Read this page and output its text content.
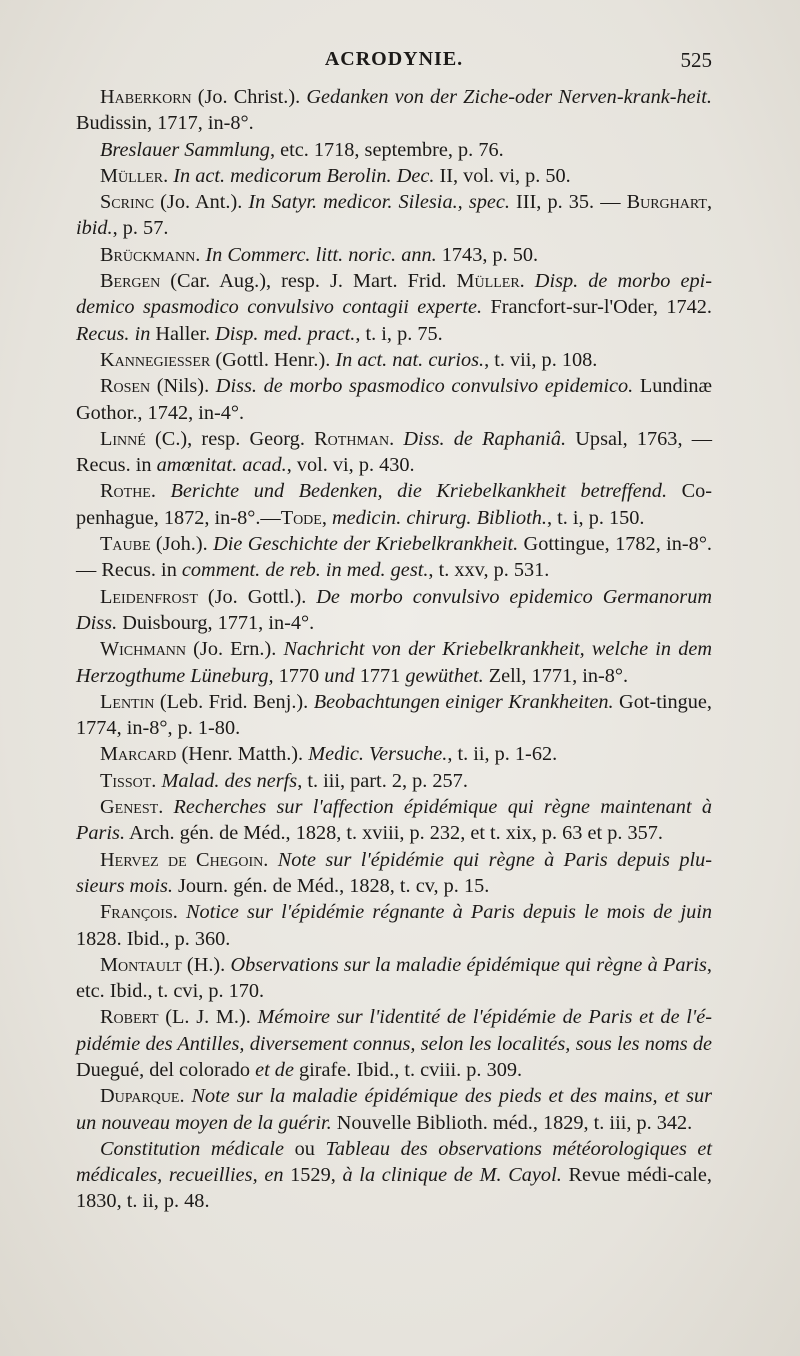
ACRODYNIE.	525

Haberkorn (Jo. Christ.). Gedanken von der Ziche-oder Nerven-krank-heit. Budissin, 1717, in-8°.

Breslauer Sammlung, etc. 1718, septembre, p. 76.

Müller. In act. medicorum Berolin. Dec. II, vol. vi, p. 50.

Scrinc (Jo. Ant.). In Satyr. medicor. Silesia., spec. III, p. 35. — Burghart, ibid., p. 57.

Brückmann. In Commerc. litt. noric. ann. 1743, p. 50.

Bergen (Car. Aug.), resp. J. Mart. Frid. Müller. Disp. de morbo epi-demico spasmodico convulsivo contagii experte. Francfort-sur-l'Oder, 1742. Recus. in Haller. Disp. med. pract., t. i, p. 75.

Kannegiesser (Gottl. Henr.). In act. nat. curios., t. vii, p. 108.

Rosen (Nils). Diss. de morbo spasmodico convulsivo epidemico. Lundinæ Gothor., 1742, in-4°.

Linné (C.), resp. Georg. Rothman. Diss. de Raphaniâ. Upsal, 1763, — Recus. in amœnitat. acad., vol. vi, p. 430.

Rothe. Berichte und Bedenken, die Kriebelkankheit betreffend. Co-penhague, 1872, in-8°.—Tode, medicin. chirurg. Biblioth., t. i, p. 150.

Taube (Joh.). Die Geschichte der Kriebelkrankheit. Gottingue, 1782, in-8°. — Recus. in comment. de reb. in med. gest., t. xxv, p. 531.

Leidenfrost (Jo. Gottl.). De morbo convulsivo epidemico Germanorum Diss. Duisbourg, 1771, in-4°.

Wichmann (Jo. Ern.). Nachricht von der Kriebelkrankheit, welche in dem Herzogthume Lüneburg, 1770 und 1771 gewüthet. Zell, 1771, in-8°.

Lentin (Leb. Frid. Benj.). Beobachtungen einiger Krankheiten. Got-tingue, 1774, in-8°, p. 1-80.

Marcard (Henr. Matth.). Medic. Versuche., t. ii, p. 1-62.

Tissot. Malad. des nerfs, t. iii, part. 2, p. 257.

Genest. Recherches sur l'affection épidémique qui règne maintenant à Paris. Arch. gén. de Méd., 1828, t. xviii, p. 232, et t. xix, p. 63 et p. 357.

Hervez de Chegoin. Note sur l'épidémie qui règne à Paris depuis plu-sieurs mois. Journ. gén. de Méd., 1828, t. cv, p. 15.

François. Notice sur l'épidémie régnante à Paris depuis le mois de juin 1828. Ibid., p. 360.

Montault (H.). Observations sur la maladie épidémique qui règne à Paris, etc. Ibid., t. cvi, p. 170.

Robert (L. J. M.). Mémoire sur l'identité de l'épidémie de Paris et de l'é-pidémie des Antilles, diversement connus, selon les localités, sous les noms de Duegué, del colorado et de girafe. Ibid., t. cviii. p. 309.

Duparque. Note sur la maladie épidémique des pieds et des mains, et sur un nouveau moyen de la guérir. Nouvelle Biblioth. méd., 1829, t. iii, p. 342.

Constitution médicale ou Tableau des observations météorologiques et médicales, recueillies, en 1529, à la clinique de M. Cayol. Revue médi-cale, 1830, t. ii, p. 48.
